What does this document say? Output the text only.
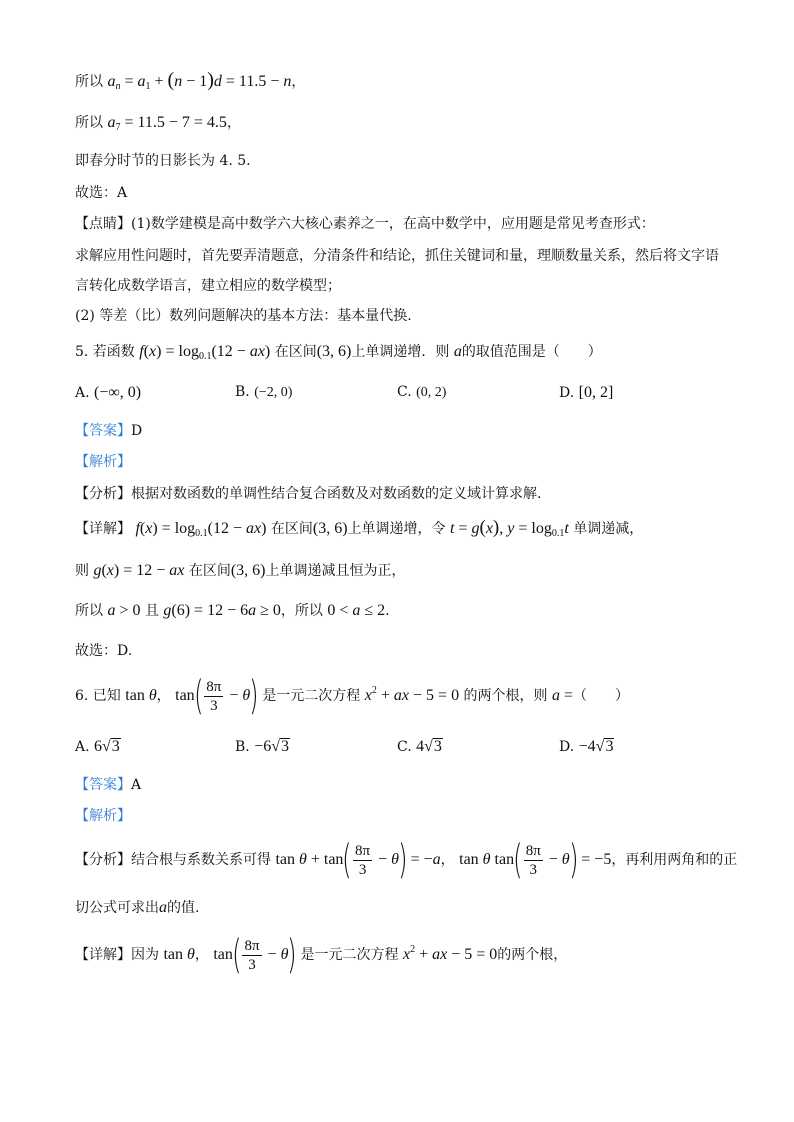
所以 $a_n = a_1 + (n - 1)d = 11.5 - n$，
所以 $a_7 = 11.5 - 7 = 4.5$，
即春分时节的日影长为 4. 5.
故选：A
【点睛】(1)数学建模是高中数学六大核心素养之一，在高中数学中，应用题是常见考查形式：
求解应用性问题时，首先要弄清题意，分清条件和结论，抓住关键词和量，理顺数量关系，然后将文字语
言转化成数学语言，建立相应的数学模型；
(2) 等差（比）数列问题解决的基本方法：基本量代换.
5. 若函数 $f(x) = \log_{0.1}(12 - ax)$ 在区间(3, 6)上单调递增．则 a的取值范围是（　　）
A. (−∞, 0)	B. (−2, 0)	C. (0, 2)	D. [0, 2]
【答案】D
【解析】
【分析】根据对数函数的单调性结合复合函数及对数函数的定义域计算求解.
【详解】 $f(x) = \log_{0.1}(12 - ax)$ 在区间(3, 6)上单调递增，令 t = g(x), $y = \log_{0.1}t$ 单调递减，
则 g(x) = 12 − ax 在区间(3, 6)上单调递减且恒为正，
所以 a > 0 且 g(6) = 12 − 6a ≥ 0，所以 0 < a ≤ 2.
故选：D.
6. 已知 tan θ， $\tan( \frac{8\pi}{3} - \theta)$ 是一元二次方程 $x^2$ + ax − 5 = 0 的两个根，则 a =（　　）
A. 6√3	B. −6√3	C. 4√3	D. −4√3
【答案】A
【解析】
【分析】结合根与系数关系可得 $\tan \theta + \tan( \frac{8\pi}{3} - \theta) = -a$， tan θ $\tan( \frac{8\pi}{3} - \theta) = -5$，再利用两角和的正
切公式可求出a的值.
【详解】因为 tan θ， $\tan( \frac{8\pi}{3} - \theta)$ 是一元二次方程 $x^2$ + ax − 5 = 0的两个根，
